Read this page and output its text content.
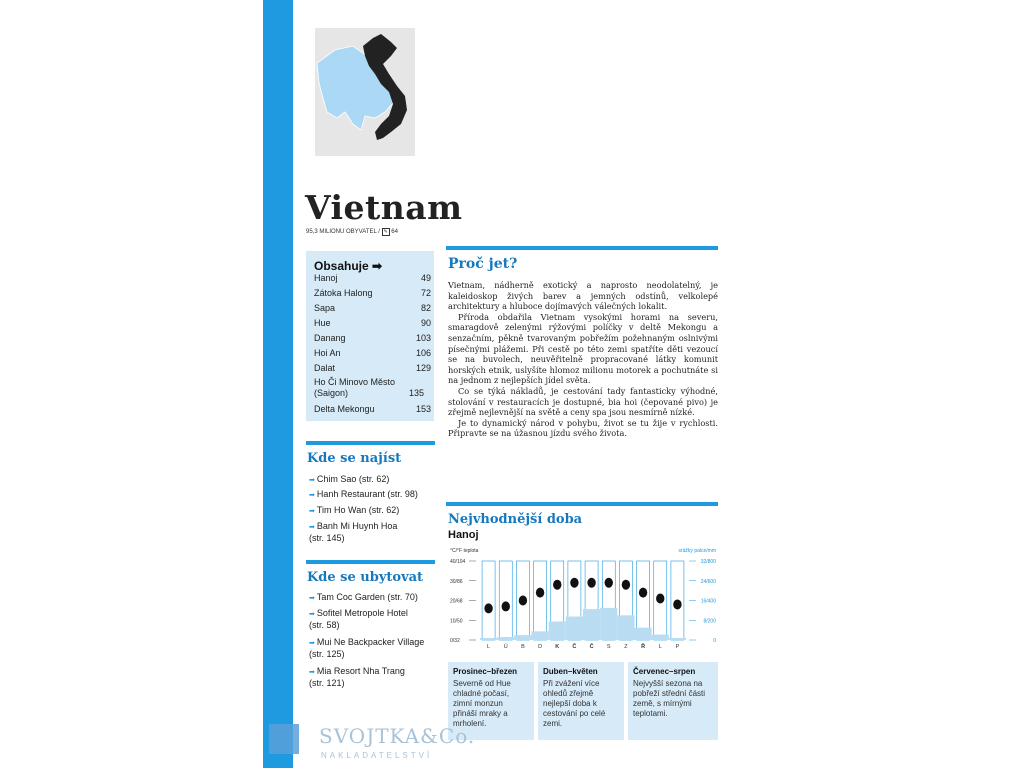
Vietnam
95,3 MILIONU OBYVATEL / ✎ 64
Obsahuje ➡
Hanoj	49
Zátoka Halong	72
Sapa	82
Hue	90
Danang	103
Hoi An	106
Dalat	129
Ho Či Minovo Město (Saigon)	135
Delta Mekongu	153
Kde se najíst
➡ Chim Sao (str. 62)
➡ Hanh Restaurant (str. 98)
➡ Tim Ho Wan (str. 62)
➡ Banh Mi Huynh Hoa (str. 145)
Kde se ubytovat
➡ Tam Coc Garden (str. 70)
➡ Sofitel Metropole Hotel (str. 58)
➡ Mui Ne Backpacker Village (str. 125)
➡ Mia Resort Nha Trang (str. 121)
Proč jet?

Vietnam, nádherně exotický a naprosto neodolatelný, je kaleidoskop živých barev a jemných odstínů, velkolepé architektury a hluboce dojímavých válečných lokalit.

Příroda obdařila Vietnam vysokými horami na severu, smaragdově zelenými rýžovými políčky v deltě Mekongu a senzačním, pěkně tvarovaným pobřežím požehnaným oslnivými písečnými plážemi. Při cestě po této zemi spatříte děti vezoucí se na buvolech, neuvěřitelně propracované látky komunit horských etnik, uslyšíte hlomoz milionu motorek a pochutnáte si na jednom z nejlepších jídel světa.

Co se týká nákladů, je cestování tady fantasticky výhodné, stolování v restauracích je dostupné, bia hoi (čepované pivo) je zřejmě nejlevnější na světě a ceny spa jsou nesmírně nízké.

Je to dynamický národ v pohybu, život se tu žije v rychlosti. Připravte se na úžasnou jízdu svého života.

Nejvhodnější doba
Hanoj
°C/°F teplota	srážky palce/mm
40/104
30/86
20/68
10/50
0/32
32/800
24/600
16/400
8/200
0
L Ú B D K Č Č S Z Ř L	P
Prosinec–březen
Severně od Hue chladné počasí, zimní monzun přináší mraky a mrholení.
Duben–květen
Při zvážení více ohledů zřejmě nejlepší doba k cestování po celé zemi.
Červenec–srpen
Nejvyšší sezona na pobřeží střední části země, s mírnými teplotami.
SVOJTKA&Co.
NAKLADATELSTVÍ
